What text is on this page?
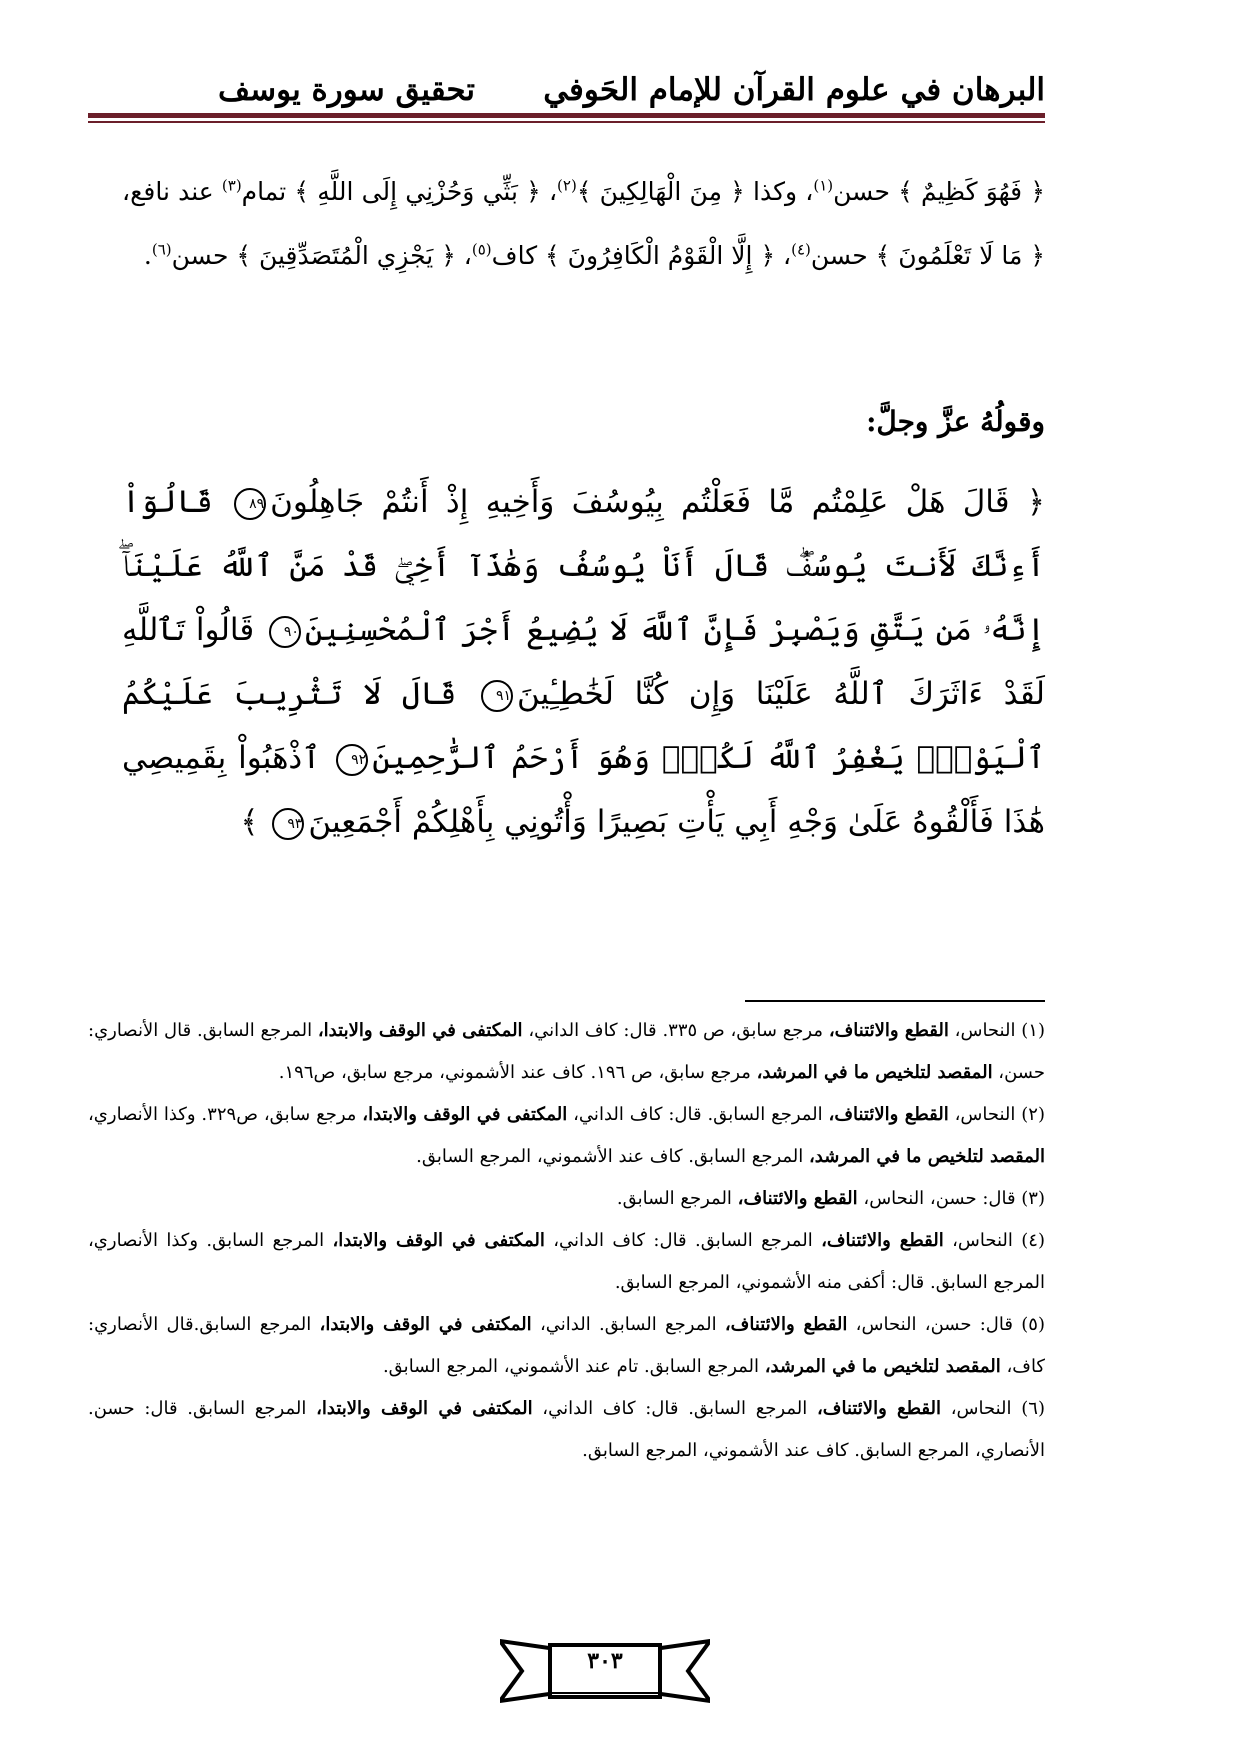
البرهان في علوم القرآن للإمام الحَوفي
تحقيق سورة يوسف
﴿ فَهُوَ كَظِيمٌ ﴾ حسن$^{(١)}$، وكذا ﴿ مِنَ الْهَالِكِينَ ﴾$^{(٢)}$، ﴿ بَثِّي وَحُزْنِي إِلَى اللَّهِ ﴾ تمام$^{(٣)}$ عند نافع، ﴿ مَا لَا تَعْلَمُونَ ﴾ حسن$^{(٤)}$، ﴿ إِلَّا الْقَوْمُ الْكَافِرُونَ ﴾ كاف$^{(٥)}$، ﴿ يَجْزِي الْمُتَصَدِّقِينَ ﴾ حسن$^{(٦)}$.
وقولُهُ عزَّ وجلَّ:
﴿ قَالَ هَلْ عَلِمْتُم مَّا فَعَلْتُم بِيُوسُفَ وَأَخِيهِ إِذْ أَنتُمْ جَاهِلُونَ٨٩ قَالُوٓاْ أَءِنَّكَ لَأَنتَ يُوسُفُۖ قَالَ أَنَاْ يُوسُفُ وَهَٰذَآ أَخِيۖ قَدْ مَنَّ ٱللَّهُ عَلَيْنَآۖ إِنَّهُۥ مَن يَتَّقِ وَيَصْبِرْ فَإِنَّ ٱللَّهَ لَا يُضِيعُ أَجْرَ ٱلْمُحْسِنِينَ٩٠ قَالُواْ تَٱللَّهِ لَقَدْ ءَاثَرَكَ ٱللَّهُ عَلَيْنَا وَإِن كُنَّا لَخَٰطِـِٔينَ٩١ قَالَ لَا تَثْرِيبَ عَلَيْكُمُ ٱلْيَوْمَۖ يَغْفِرُ ٱللَّهُ لَكُمْۖ وَهُوَ أَرْحَمُ ٱلرَّٰحِمِينَ٩٢ ٱذْهَبُواْ بِقَمِيصِي هَٰذَا فَأَلْقُوهُ عَلَىٰ وَجْهِ أَبِي يَأْتِ بَصِيرًا وَأْتُونِي بِأَهْلِكُمْ أَجْمَعِينَ٩٣ ﴾

(١) النحاس، القطع والائتناف، مرجع سابق، ص ٣٣٥. قال: كاف الداني، المكتفى في الوقف والابتدا، المرجع السابق. قال الأنصاري: حسن، المقصد لتلخيص ما في المرشد، مرجع سابق، ص ١٩٦. كاف عند الأشموني، مرجع سابق، ص١٩٦.

(٢) النحاس، القطع والائتناف، المرجع السابق. قال: كاف الداني، المكتفى في الوقف والابتدا، مرجع سابق، ص٣٢٩. وكذا الأنصاري، المقصد لتلخيص ما في المرشد، المرجع السابق. كاف عند الأشموني، المرجع السابق.

(٣) قال: حسن، النحاس، القطع والائتناف، المرجع السابق.

(٤) النحاس، القطع والائتناف، المرجع السابق. قال: كاف الداني، المكتفى في الوقف والابتدا، المرجع السابق. وكذا الأنصاري، المرجع السابق. قال: أكفى منه الأشموني، المرجع السابق.

(٥) قال: حسن، النحاس، القطع والائتناف، المرجع السابق. الداني، المكتفى في الوقف والابتدا، المرجع السابق.قال الأنصاري: كاف، المقصد لتلخيص ما في المرشد، المرجع السابق. تام عند الأشموني، المرجع السابق.

(٦) النحاس، القطع والائتناف، المرجع السابق. قال: كاف الداني، المكتفى في الوقف والابتدا، المرجع السابق. قال: حسن. الأنصاري، المرجع السابق. كاف عند الأشموني، المرجع السابق.

٣٠٣
